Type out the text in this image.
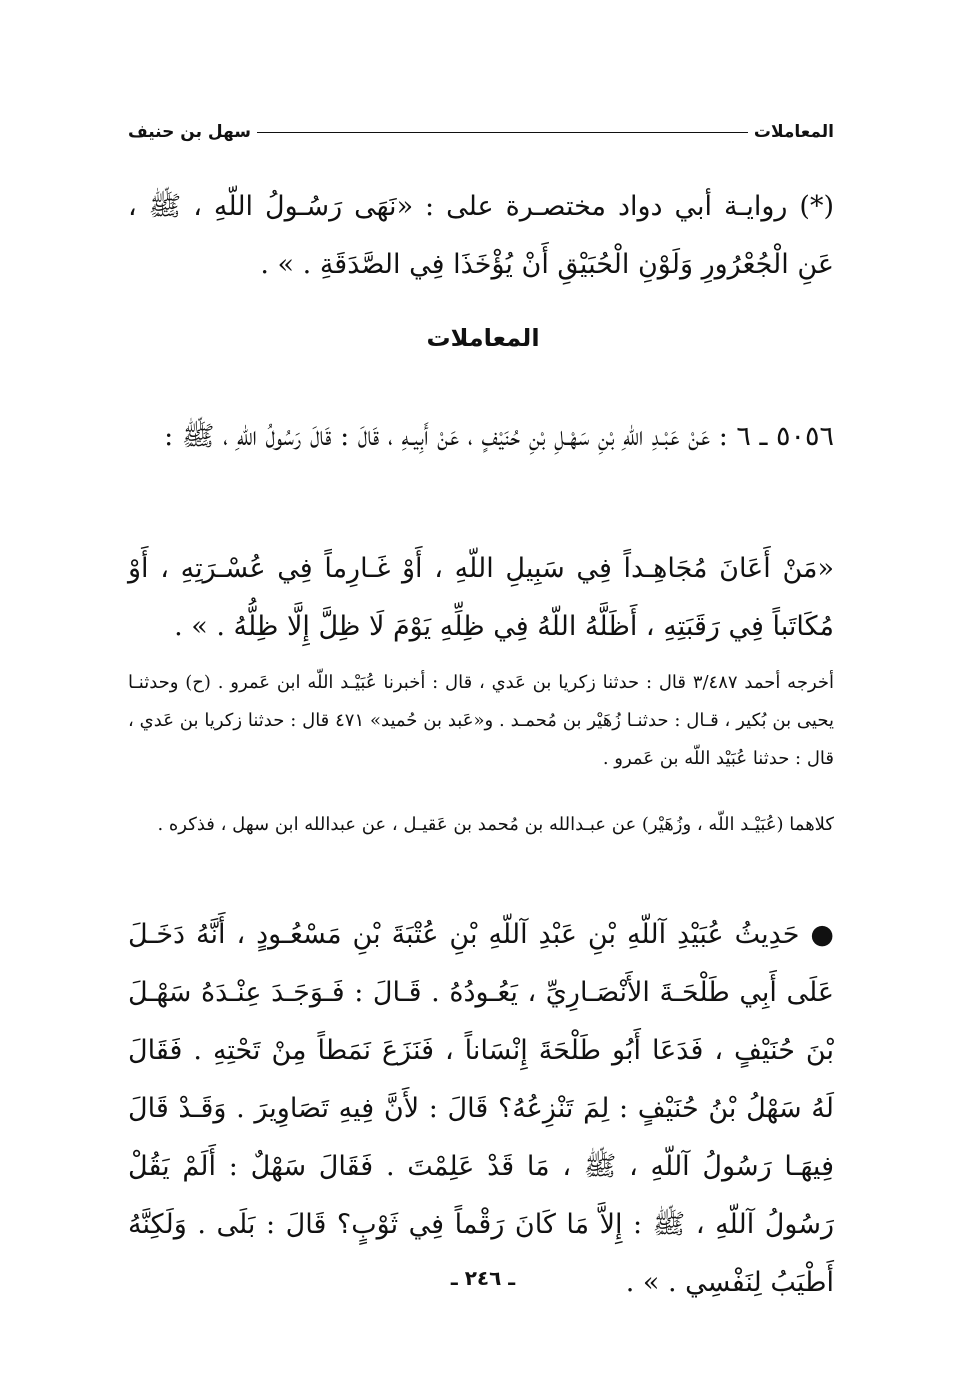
المعاملات
سهل بن حنيف
(*) روايـة أبي دواد مختصـرة على : «نَهَى رَسُـولُ اللّهِ ، ﷺ ، عَنِ الْجُعْرُورِ وَلَوْنِ الْحُبَيْقِ أَنْ يُؤْخَذَا فِي الصَّدَقَةِ . » .
المعاملات
٥٠٥٦ ـ ٦ : عَنْ عَبْـدِ اللّهِ بْنِ سَهْـلِ بْنِ حُنَيْفٍ ، عَنْ أَبِيـهِ ، قَالَ : قَالَ رَسُولُ اللّهِ ، ﷺ :
«مَنْ أَعَانَ مُجَاهِـداً فِي سَبِيلِ اللّهِ ، أَوْ غَـارِماً فِي عُسْـرَتِهِ ، أَوْ مُكَاتَباً فِي رَقَبَتِهِ ، أَظَلَّهُ اللّهُ فِي ظِلِّهِ يَوْمَ لَا ظِلَّ إِلَّا ظِلُّهُ . » .
أخرجه أحمد ٣/٤٨٧ قال : حدثنا زكريا بن عَدي ، قال : أخبرنا عُبَيْـد اللّه ابن عَمرو . (ح) وحدثنـا يحيى بن بُكير ، قـال : حدثنـا زُهَيْر بن مُحمـد . و«عَبد بن حُميد» ٤٧١ قال : حدثنا زكريا بن عَدي ، قال : حدثنا عُبَيْد اللّه بن عَمرو .
كلاهما (عُبَيْـد اللّه ، وزُهَيْر) عن عبـدالله بن مُحمد بن عَقيـل ، عن عبدالله ابن سهل ، فذكره .
● حَدِيثُ عُبَيْدِ آللّهِ بْنِ عَبْدِ آللّهِ بْنِ عُتْبَةَ بْنِ مَسْعُـودٍ ، أَنَّهُ دَخَـلَ عَلَى أَبِي طَلْحَـةَ الأَنْصَـارِيِّ ، يَعُـودُهُ . قَـالَ : فَـوَجَـدَ عِنْـدَهُ سَهْـلَ بْنَ حُنَيْفٍ ، فَدَعَا أَبُو طَلْحَةَ إِنْسَاناً ، فَنَزَعَ نَمَطاً مِنْ تَحْتِهِ . فَقَالَ لَهُ سَهْلُ بْنُ حُنَيْفٍ : لِمَ تَنْزِعُهُ؟ قَالَ : لأَنَّ فِيهِ تَصَاوِيرَ . وَقَـدْ قَالَ فِيهَـا رَسُولُ آللّهِ ، ﷺ ، مَا قَدْ عَلِمْتَ . فَقَالَ سَهْلٌ : أَلَمْ يَقُلْ رَسُولُ آللّهِ ، ﷺ : إِلاَّ مَا كَانَ رَقْماً فِي ثَوْبٍ؟ قَالَ : بَلَى . وَلَكِنَّهُ أَطْيَبُ لِنَفْسِي . » .
ـ ٢٤٦ ـ
